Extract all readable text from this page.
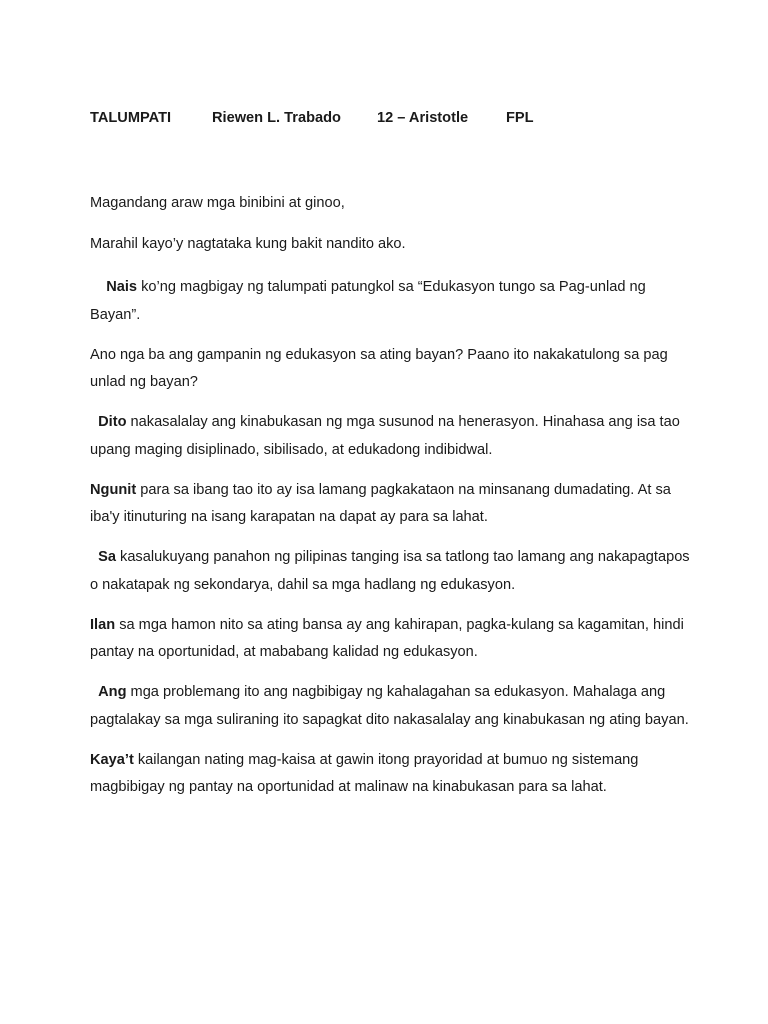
TALUMPATI	Riewen L. Trabado 12 – Aristotle	FPL

Magandang araw mga binibini at ginoo,

Marahil kayo’y nagtataka kung bakit nandito ako.

Nais ko’ng magbigay ng talumpati patungkol sa “Edukasyon tungo sa Pag-unlad ng Bayan”.

Ano nga ba ang gampanin ng edukasyon sa ating bayan? Paano ito nakakatulong sa pag unlad ng bayan?

Dito nakasalalay ang kinabukasan ng mga susunod na henerasyon. Hinahasa ang isa tao upang maging disiplinado, sibilisado, at edukadong indibidwal.

Ngunit para sa ibang tao ito ay isa lamang pagkakataon na minsanang dumadating. At sa iba'y itinuturing na isang karapatan na dapat ay para sa lahat.

Sa kasalukuyang panahon ng pilipinas tanging isa sa tatlong tao lamang ang nakapagtapos o nakatapak ng sekondarya, dahil sa mga hadlang ng edukasyon.

Ilan sa mga hamon nito sa ating bansa ay ang kahirapan, pagka-kulang sa kagamitan, hindi pantay na oportunidad, at mababang kalidad ng edukasyon.

Ang mga problemang ito ang nagbibigay ng kahalagahan sa edukasyon. Mahalaga ang pagtalakay sa mga suliraning ito sapagkat dito nakasalalay ang kinabukasan ng ating bayan.

Kaya’t kailangan nating mag-kaisa at gawin itong prayoridad at bumuo ng sistemang magbibigay ng pantay na oportunidad at malinaw na kinabukasan para sa lahat.
